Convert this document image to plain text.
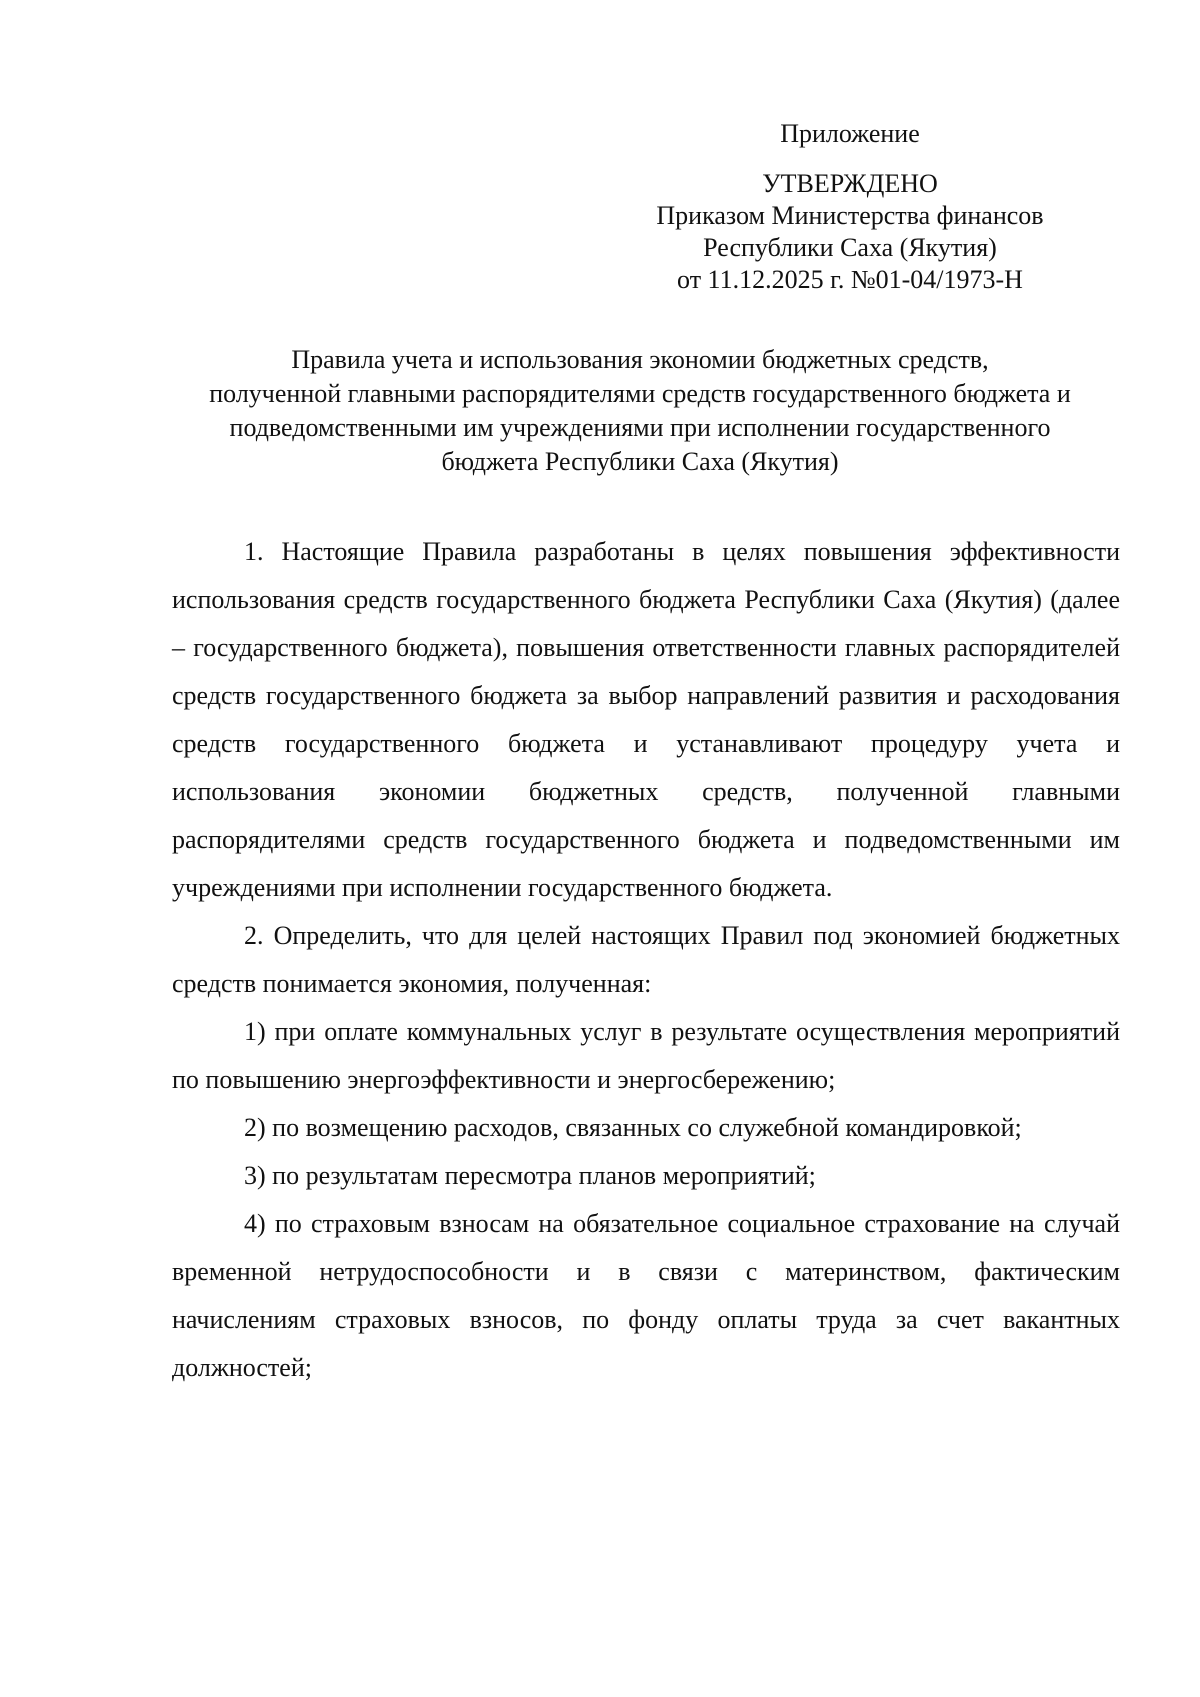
Приложение
УТВЕРЖДЕНО
Приказом Министерства финансов
Республики Саха (Якутия)
от 11.12.2025 г. №01-04/1973-Н
Правила учета и использования экономии бюджетных средств,
полученной главными распорядителями средств государственного бюджета и
подведомственными им учреждениями при исполнении государственного
бюджета Республики Саха (Якутия)

1. Настоящие Правила разработаны в целях повышения эффективности использования средств государственного бюджета Республики Саха (Якутия) (далее – государственного бюджета), повышения ответственности главных распорядителей средств государственного бюджета за выбор направлений развития и расходования средств государственного бюджета и устанавливают процедуру учета и использования экономии бюджетных средств, полученной главными распорядителями средств государственного бюджета и подведомственными им учреждениями при исполнении государственного бюджета.

2. Определить, что для целей настоящих Правил под экономией бюджетных средств понимается экономия, полученная:

1) при оплате коммунальных услуг в результате осуществления мероприятий по повышению энергоэффективности и энергосбережению;

2) по возмещению расходов, связанных со служебной командировкой;

3) по результатам пересмотра планов мероприятий;

4) по страховым взносам на обязательное социальное страхование на случай временной нетрудоспособности и в связи с материнством, фактическим начислениям страховых взносов, по фонду оплаты труда за счет вакантных должностей;
